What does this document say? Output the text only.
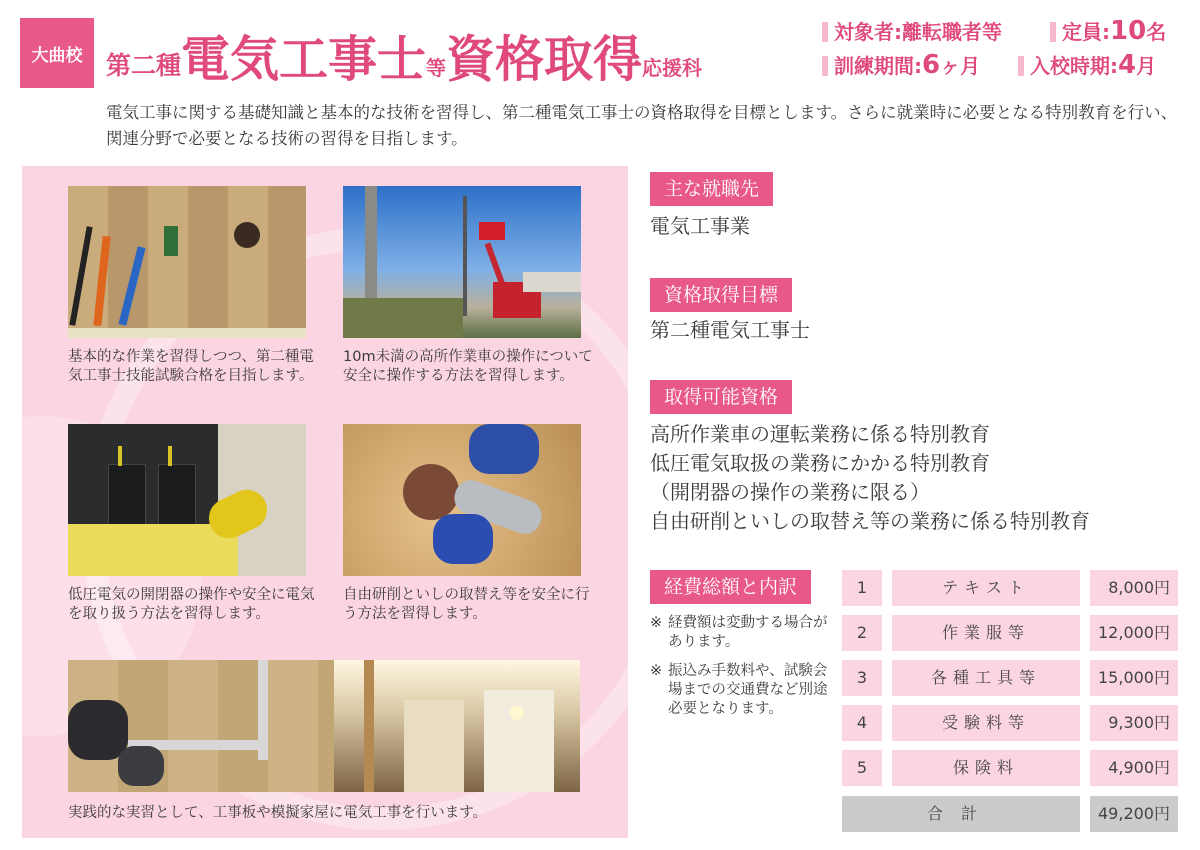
大曲校 第二種 電気工事士 等 資格取得 応援科
対象者:離転職者等	定員:10名
訓練期間:6ヶ月	入校時期:4月
電気工事に関する基礎知識と基本的な技術を習得し、第二種電気工事士の資格取得を目標とします。さらに就業時に必要となる特別教育を行い、関連分野で必要となる技術の習得を目指します。
基本的な作業を習得しつつ、第二種電気工事士技能試験合格を目指します。
10m未満の高所作業車の操作について安全に操作する方法を習得します。
低圧電気の開閉器の操作や安全に電気を取り扱う方法を習得します。
自由研削といしの取替え等を安全に行う方法を習得します。
実践的な実習として、工事板や模擬家屋に電気工事を行います。
主な就職先
電気工事業
資格取得目標
第二種電気工事士
取得可能資格
高所作業車の運転業務に係る特別教育
低圧電気取扱の業務にかかる特別教育
（開閉器の操作の業務に限る）
自由研削といしの取替え等の業務に係る特別教育
経費総額と内訳
※ 経費額は変動する場合があります。
※ 振込み手数料や、試験会場までの交通費など別途必要となります。
1	テキスト	8,000円
2	作業服等	12,000円
3	各種工具等	15,000円
4	受験料等	9,300円
5	保険料	4,900円
合計	49,200円
